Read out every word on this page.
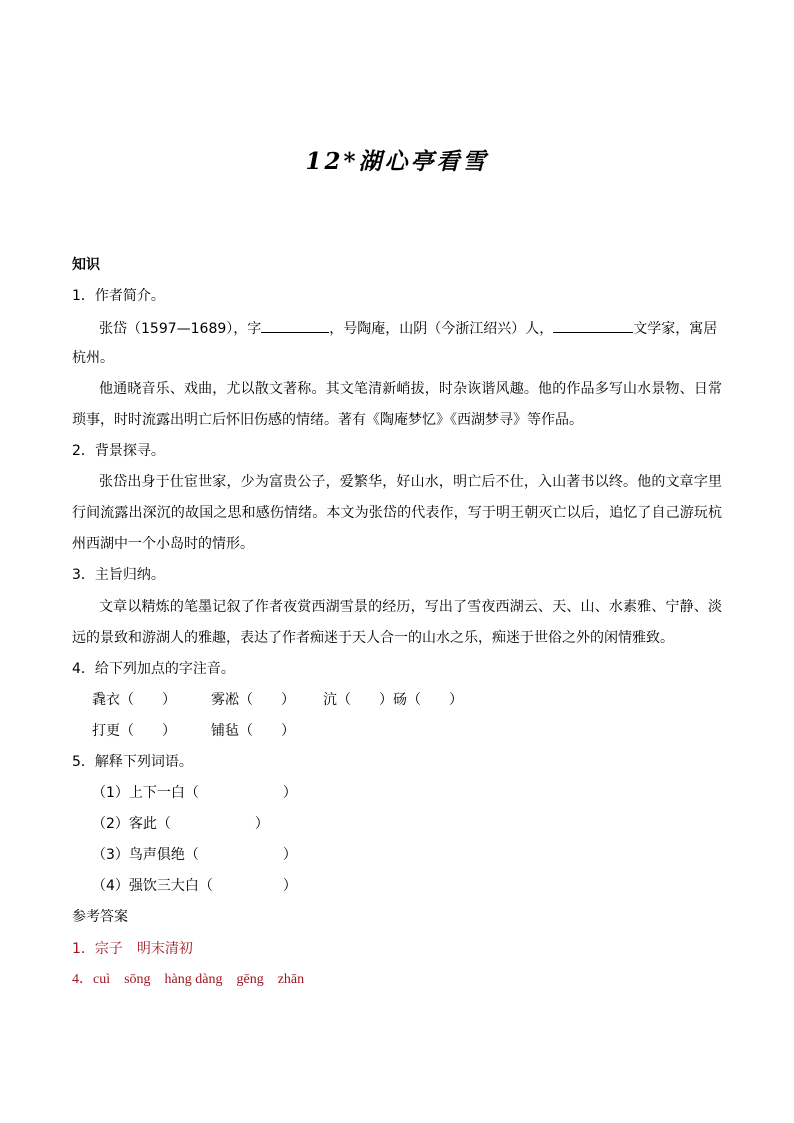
12*湖心亭看雪
知识
1．作者简介。
张岱（1597—1689），字	，号陶庵，山阴（今浙江绍兴）人，	文学家，寓居
杭州。
他通晓音乐、戏曲，尤以散文著称。其文笔清新峭拔，时杂诙谐风趣。他的作品多写山水景物、日常
琐事，时时流露出明亡后怀旧伤感的情绪。著有《陶庵梦忆》《西湖梦寻》等作品。
2．背景探寻。
张岱出身于仕宦世家，少为富贵公子，爱繁华，好山水，明亡后不仕，入山著书以终。他的文章字里
行间流露出深沉的故国之思和感伤情绪。本文为张岱的代表作，写于明王朝灭亡以后，追忆了自己游玩杭
州西湖中一个小岛时的情形。
3．主旨归纳。
文章以精炼的笔墨记叙了作者夜赏西湖雪景的经历，写出了雪夜西湖云、天、山、水素雅、宁静、淡
远的景致和游湖人的雅趣，表达了作者痴迷于天人合一的山水之乐，痴迷于世俗之外的闲情雅致。
4．给下列加点的字注音。
毳衣（　　）	雾凇（　　） 沆（　　）砀（　　）
打更（　　）	铺毡（　　）
5．解释下列词语。
（1）上下一白（　　　　　　）
（2）客此（　　　　　　）
（3）鸟声俱绝（　　　　　　）
（4）强饮三大白（　　　　　）
参考答案
1．宗子　明末清初
4．cuì　sōng　hàng dàng　gēng　zhān
